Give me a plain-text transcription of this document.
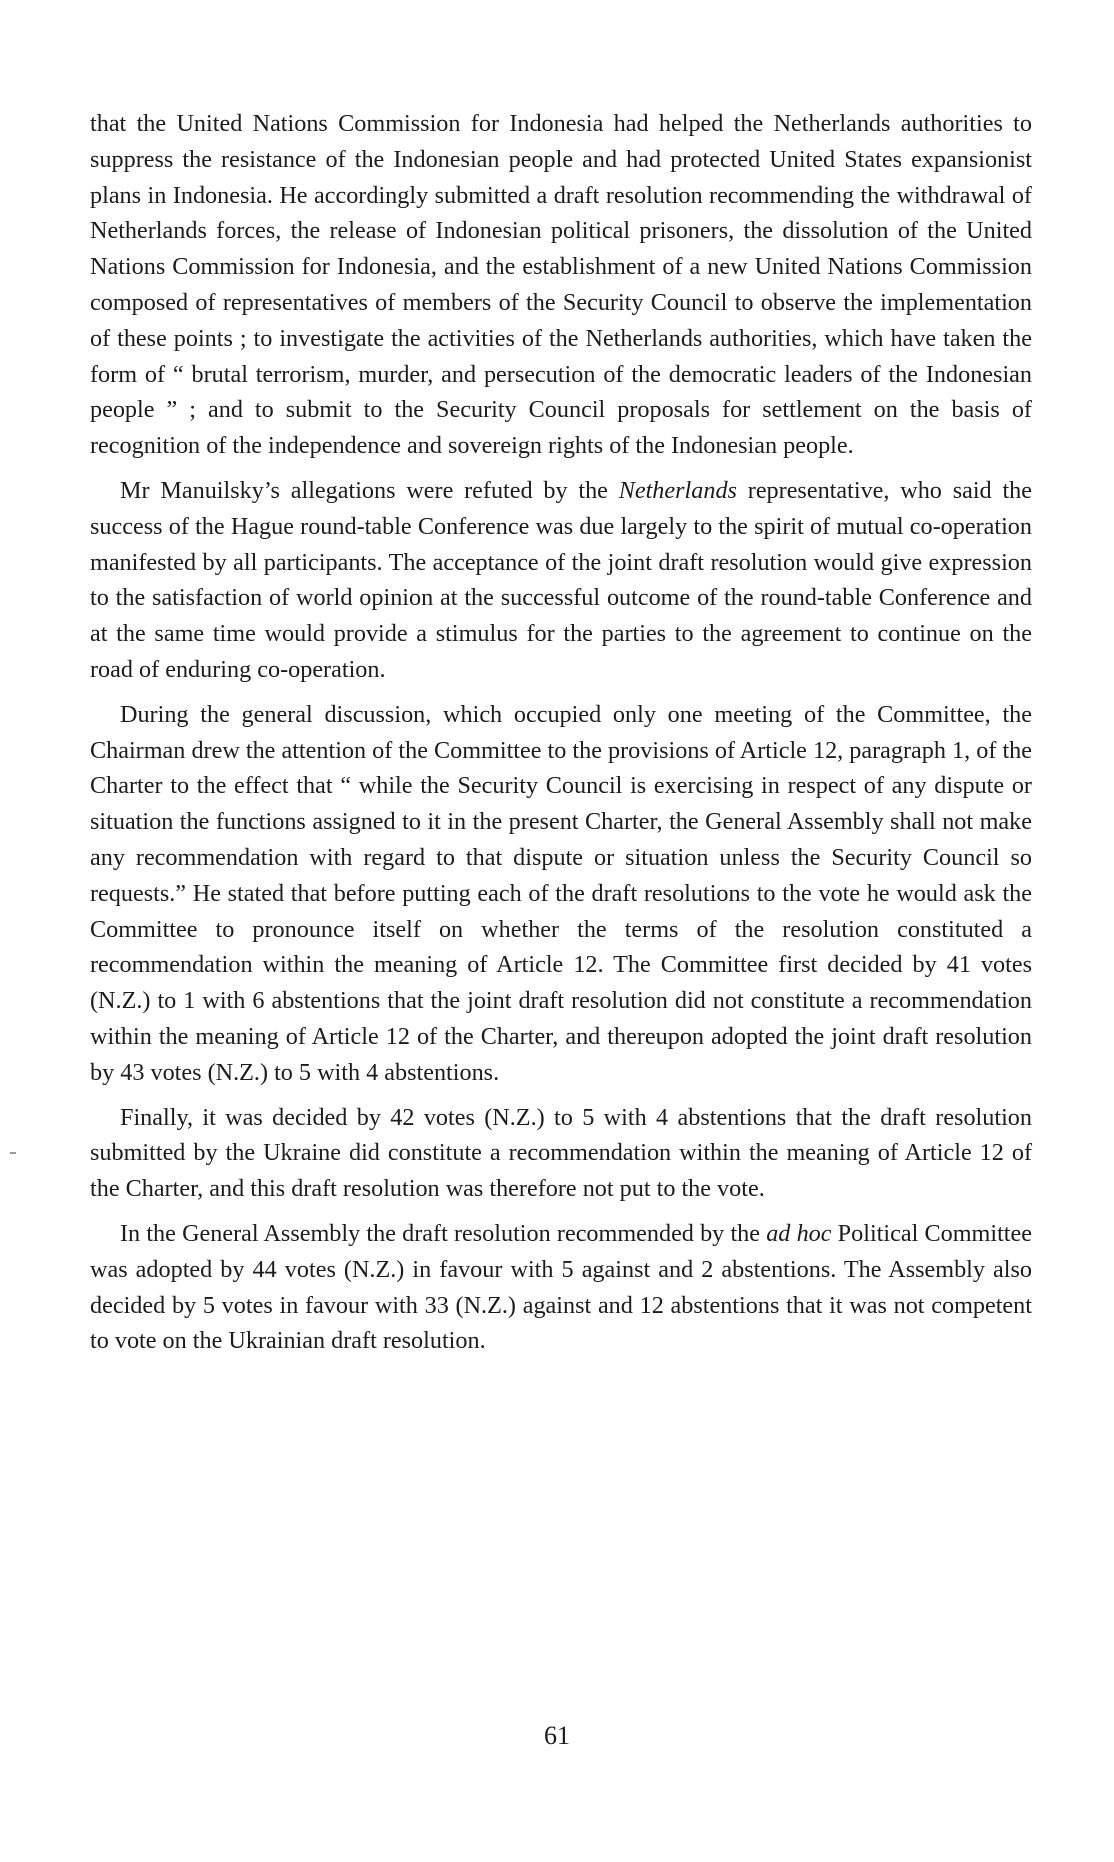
that the United Nations Commission for Indonesia had helped the Netherlands authorities to suppress the resistance of the Indonesian people and had protected United States expansionist plans in Indonesia. He accordingly submitted a draft resolution recommending the withdrawal of Netherlands forces, the release of Indonesian political prisoners, the dissolution of the United Nations Commission for Indonesia, and the establishment of a new United Nations Commission composed of representatives of members of the Security Council to observe the implementation of these points ; to investigate the activities of the Netherlands authorities, which have taken the form of “ brutal terrorism, murder, and persecution of the democratic leaders of the Indonesian people ” ; and to submit to the Security Council proposals for settlement on the basis of recognition of the independence and sovereign rights of the Indonesian people.

Mr Manuilsky’s allegations were refuted by the Netherlands representative, who said the success of the Hague round-table Conference was due largely to the spirit of mutual co-operation manifested by all participants. The acceptance of the joint draft resolution would give expression to the satisfaction of world opinion at the successful outcome of the round-table Conference and at the same time would provide a stimulus for the parties to the agreement to continue on the road of enduring co-operation.

During the general discussion, which occupied only one meeting of the Committee, the Chairman drew the attention of the Committee to the provisions of Article 12, paragraph 1, of the Charter to the effect that “ while the Security Council is exercising in respect of any dispute or situation the functions assigned to it in the present Charter, the General Assembly shall not make any recommendation with regard to that dispute or situation unless the Security Council so requests.” He stated that before putting each of the draft resolutions to the vote he would ask the Committee to pronounce itself on whether the terms of the resolution constituted a recommendation within the meaning of Article 12. The Committee first decided by 41 votes (N.Z.) to 1 with 6 abstentions that the joint draft resolution did not constitute a recommendation within the meaning of Article 12 of the Charter, and thereupon adopted the joint draft resolution by 43 votes (N.Z.) to 5 with 4 abstentions.

Finally, it was decided by 42 votes (N.Z.) to 5 with 4 abstentions that the draft resolution submitted by the Ukraine did constitute a recommendation within the meaning of Article 12 of the Charter, and this draft resolution was therefore not put to the vote.

In the General Assembly the draft resolution recommended by the ad hoc Political Committee was adopted by 44 votes (N.Z.) in favour with 5 against and 2 abstentions. The Assembly also decided by 5 votes in favour with 33 (N.Z.) against and 12 abstentions that it was not competent to vote on the Ukrainian draft resolution.

61
